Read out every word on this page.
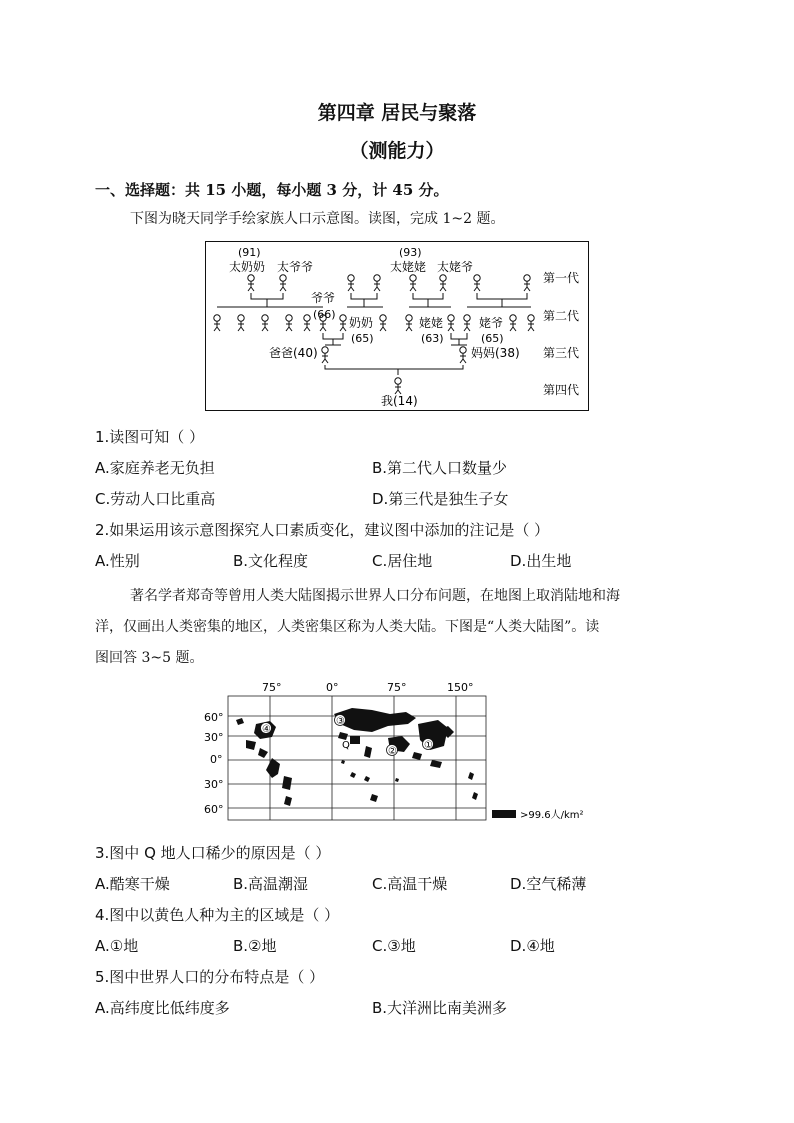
第四章 居民与聚落
（测能力）
一、选择题：共 15 小题，每小题 3 分，计 45 分。
下图为晓天同学手绘家族人口示意图。读图，完成 1~2 题。
第一代
第二代
第三代
第四代
(91)
太奶奶 太爷爷
(93)
太姥姥 太姥爷
爷爷
(66)
奶奶
(65)
姥姥
(63)
姥爷
(65)
爸爸(40)	妈妈(38)
我(14)
1.读图可知（ ）
A.家庭养老无负担	B.第二代人口数量少
C.劳动人口比重高	D.第三代是独生子女
2.如果运用该示意图探究人口素质变化，建议图中添加的注记是（ ）
A.性别	B.文化程度	C.居住地	D.出生地
著名学者郑奇等曾用人类大陆图揭示世界人口分布问题，在地图上取消陆地和海
洋，仅画出人类密集的地区，人类密集区称为人类大陆。下图是“人类大陆图”。读
图回答 3~5 题。
75°	0°	75°	150°
60°
30°
0°
30°
60°
①
②
③
④
Q
>99.6人/km²
3.图中 Q 地人口稀少的原因是（ ）
A.酷寒干燥	B.高温潮湿	C.高温干燥	D.空气稀薄
4.图中以黄色人种为主的区域是（ ）
A.①地	B.②地	C.③地	D.④地
5.图中世界人口的分布特点是（ ）
A.高纬度比低纬度多	B.大洋洲比南美洲多
